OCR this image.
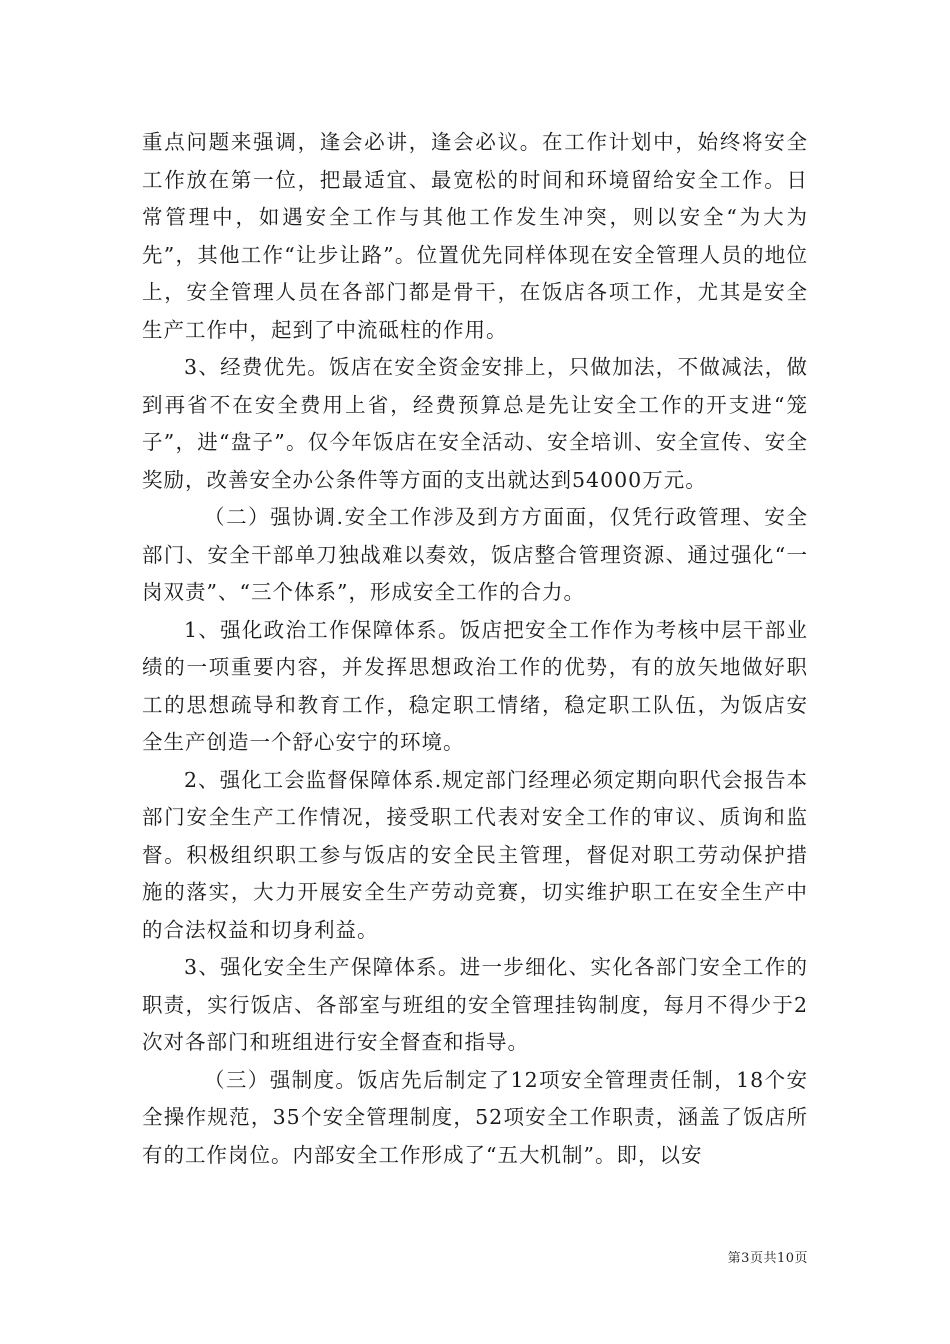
重点问题来强调，逢会必讲，逢会必议。在工作计划中，始终将安全工作放在第一位，把最适宜、最宽松的时间和环境留给安全工作。日常管理中，如遇安全工作与其他工作发生冲突，则以安全“为大为先”，其他工作“让步让路”。位置优先同样体现在安全管理人员的地位上，安全管理人员在各部门都是骨干，在饭店各项工作，尤其是安全生产工作中，起到了中流砥柱的作用。

3、经费优先。饭店在安全资金安排上，只做加法，不做减法，做到再省不在安全费用上省，经费预算总是先让安全工作的开支进“笼子”，进“盘子”。仅今年饭店在安全活动、安全培训、安全宣传、安全奖励，改善安全办公条件等方面的支出就达到54000万元。

（二）强协调.安全工作涉及到方方面面，仅凭行政管理、安全部门、安全干部单刀独战难以奏效，饭店整合管理资源、通过强化“一岗双责”、“三个体系”，形成安全工作的合力。

1、强化政治工作保障体系。饭店把安全工作作为考核中层干部业绩的一项重要内容，并发挥思想政治工作的优势，有的放矢地做好职工的思想疏导和教育工作，稳定职工情绪，稳定职工队伍，为饭店安全生产创造一个舒心安宁的环境。

2、强化工会监督保障体系.规定部门经理必须定期向职代会报告本部门安全生产工作情况，接受职工代表对安全工作的审议、质询和监督。积极组织职工参与饭店的安全民主管理，督促对职工劳动保护措施的落实，大力开展安全生产劳动竞赛，切实维护职工在安全生产中的合法权益和切身利益。

3、强化安全生产保障体系。进一步细化、实化各部门安全工作的职责，实行饭店、各部室与班组的安全管理挂钩制度，每月不得少于2次对各部门和班组进行安全督查和指导。

（三）强制度。饭店先后制定了12项安全管理责任制，18个安全操作规范，35个安全管理制度，52项安全工作职责，涵盖了饭店所有的工作岗位。内部安全工作形成了“五大机制”。即，以安

第3页共10页
